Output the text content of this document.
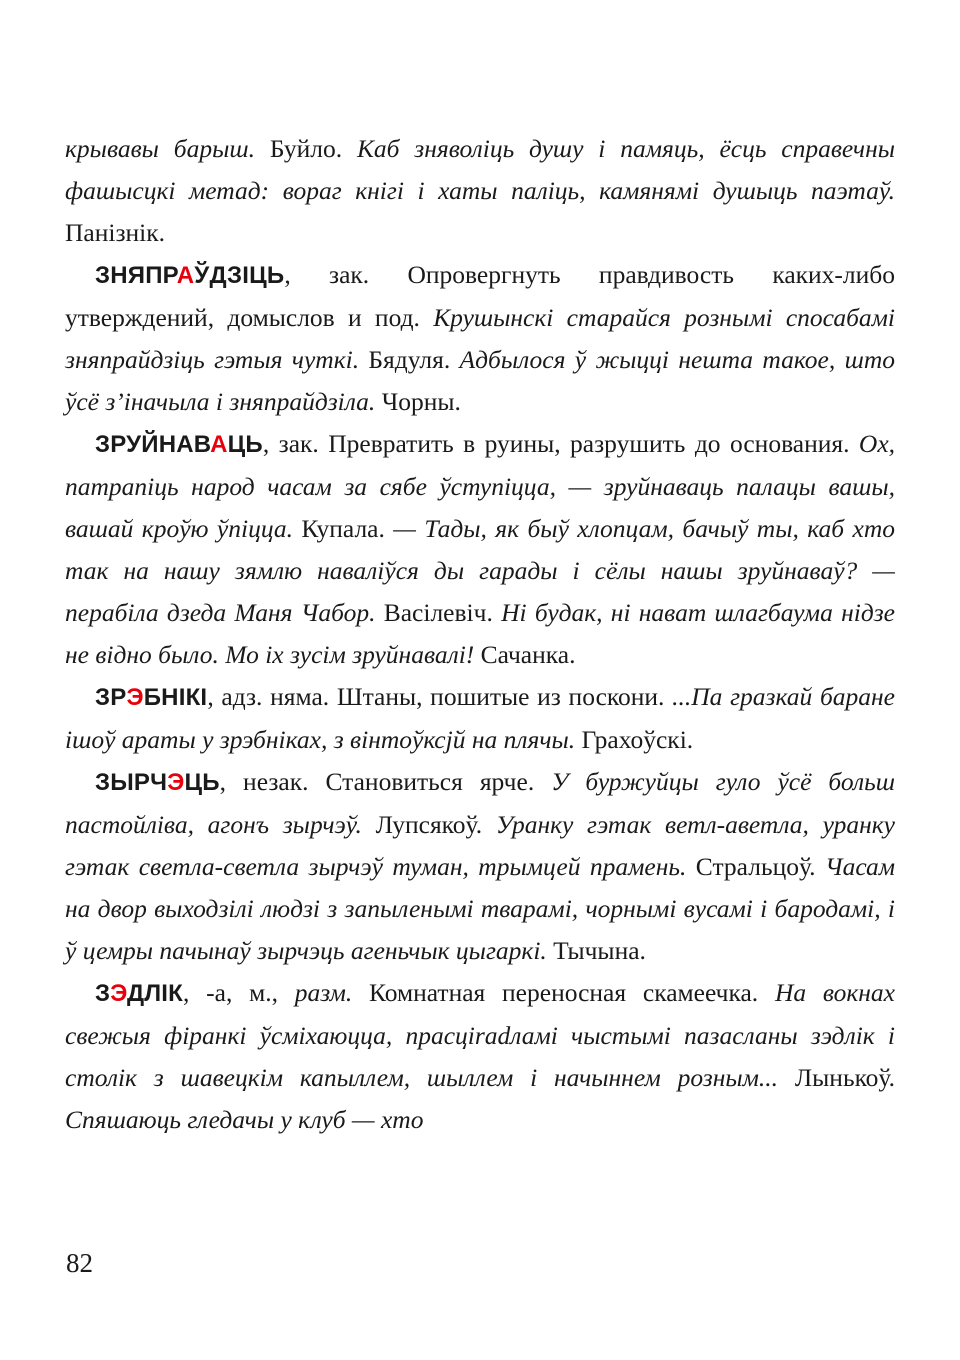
крывавы барыш. Буйло. Каб зняволіць душу і памяць, ёсць справечны фашысцкі метад: вораг кнігі і хаты паліць, камянямі душыць паэтаў. Панізнік.

ЗНЯПРАЎДЗІЦЬ, зак. Опровергнуть правдивость каких-либо утверждений, домыслов и под. Крушынскі старайся рознымі спосабамі зняпрайдзіць гэтыя чуткі. Бядуля. Адбылося ў жыцці нешта такое, што ўсё з’іначыла і зняпрайдзіла. Чорны.

ЗРУЙНАВАЦЬ, зак. Превратить в руины, разрушить до основания. Ох, патрапіць народ часам за сябе ўступіцца, — зруйнаваць палацы вашы, вашай кроўю ўпіцца. Купала. — Тады, як быў хлопцам, бачыў ты, каб хто так на нашу зямлю наваліўся ды гарады і сёлы нашы зруйнаваў? — перабіла дзеда Маня Чабор. Васілевіч. Ні будак, ні нават шлагбаума нідзе не відно было. Мо іх зусім зруйнавалі! Сачанка.

ЗРЭБНІКІ, адз. няма. Штаны, пошитые из поскони. ...Па гразкай баране ішоў араты у зрэбніках, з вінтоўксјй на плячы. Грахоўскі.

ЗЫРЧЭЦЬ, незак. Становиться ярче. У буржуйцы гуло ўсё больш пастойліва, агонъ зырчэў. Лупсякоў. Уранку гэтак ветл-аветла, уранку гэтак светла-светла зырчэў туман, трымцей прамень. Стральцоў. Часам на двор выходзілі людзі з запыленымі тварамі, чорнымі вусамі і бародамі, і ў цемры пачынаў зырчэць агеньчык цыгаркі. Тычына.

ЗЭДЛІК, -а, м., разм. Комнатная переносная скамеечка. На вокнах свежыя фіранкі ўсміхаюцца, прасціradламі чыстымі пазасланы зэдлік і столік з шавецкім капыллем, шыллем і начыннем розным... Лынькоў. Спяшаюць гледачы у клуб — хто

82
